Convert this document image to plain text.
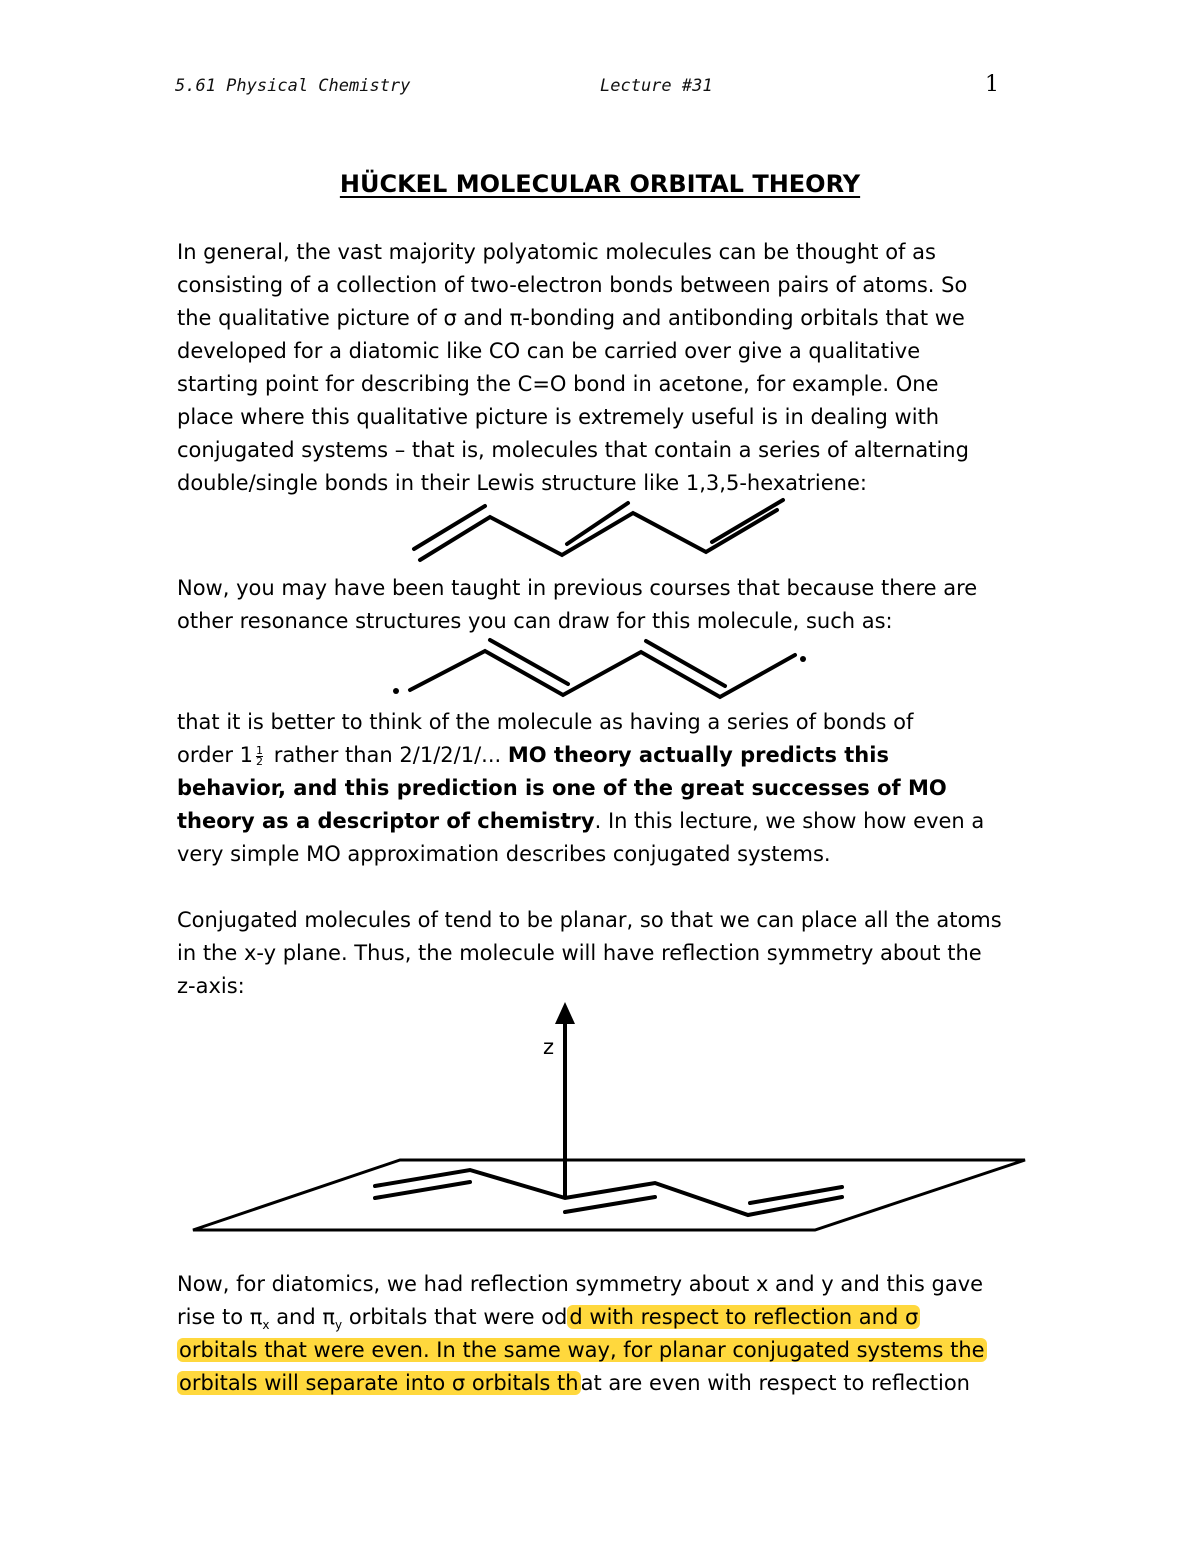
5.61 Physical Chemistry	Lecture #31	1
HÜCKEL MOLECULAR ORBITAL THEORY
In general, the vast majority polyatomic molecules can be thought of as
consisting of a collection of two-electron bonds between pairs of atoms. So
the qualitative picture of σ and π-bonding and antibonding orbitals that we
developed for a diatomic like CO can be carried over give a qualitative
starting point for describing the C=O bond in acetone, for example. One
place where this qualitative picture is extremely useful is in dealing with
conjugated systems – that is, molecules that contain a series of alternating
double/single bonds in their Lewis structure like 1,3,5-hexatriene:
Now, you may have been taught in previous courses that because there are
other resonance structures you can draw for this molecule, such as:
that it is better to think of the molecule as having a series of bonds of
order $1 \frac{1}{2}$ rather than 2/1/2/1/... MO theory actually predicts this
behavior, and this prediction is one of the great successes of MO
theory as a descriptor of chemistry. In this lecture, we show how even a
very simple MO approximation describes conjugated systems.
Conjugated molecules of tend to be planar, so that we can place all the atoms
in the x-y plane. Thus, the molecule will have reflection symmetry about the
z-axis:
z
Now, for diatomics, we had reflection symmetry about x and y and this gave
rise to $\pi_x$ and $\pi_y$ orbitals that were odd with respect to reflection and σ
orbitals that were even. In the same way, for planar conjugated systems the
orbitals will separate into σ orbitals that are even with respect to reflection
